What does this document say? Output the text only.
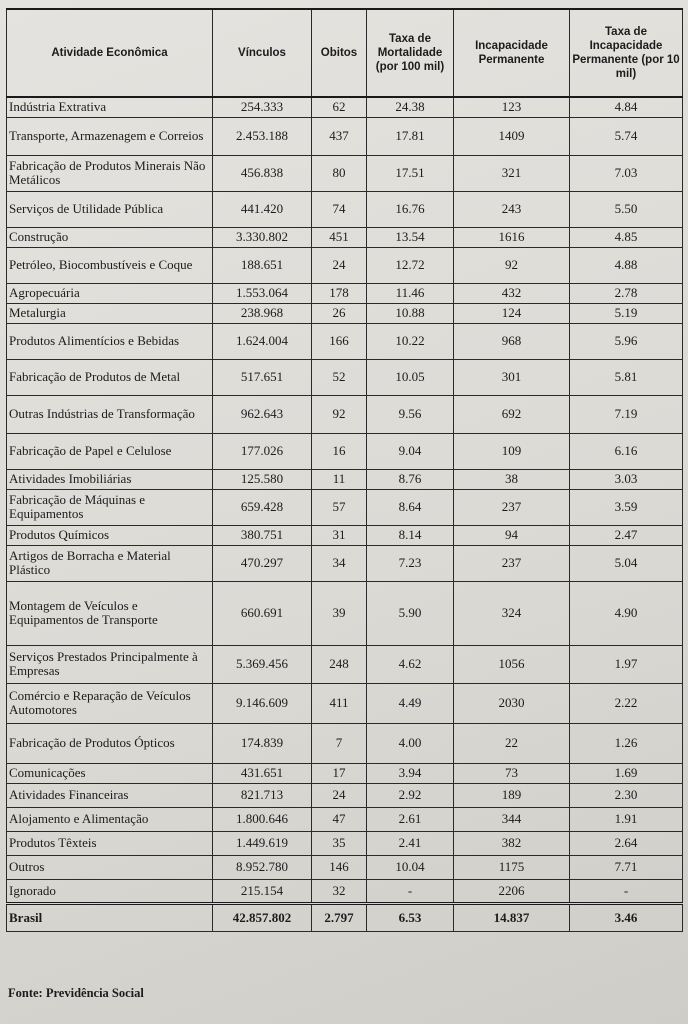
Atividade Econômica	Vínculos	Obitos	Taxa de Mortalidade (por 100 mil)	Incapacidade Permanente	Taxa de Incapacidade Permanente (por 10 mil)
Indústria Extrativa	254.333	62	24.38	123	4.84
Transporte, Armazenagem e Correios	2.453.188	437	17.81	1409	5.74
Fabricação de Produtos Minerais Não Metálicos	456.838	80	17.51	321	7.03
Serviços de Utilidade Pública	441.420	74	16.76	243	5.50
Construção	3.330.802	451	13.54	1616	4.85
Petróleo, Biocombustíveis e Coque	188.651	24	12.72	92	4.88
Agropecuária	1.553.064	178	11.46	432	2.78
Metalurgia	238.968	26	10.88	124	5.19
Produtos Alimentícios e Bebidas	1.624.004	166	10.22	968	5.96
Fabricação de Produtos de Metal	517.651	52	10.05	301	5.81
Outras Indústrias de Transformação	962.643	92	9.56	692	7.19
Fabricação de Papel e Celulose	177.026	16	9.04	109	6.16
Atividades Imobiliárias	125.580	11	8.76	38	3.03
Fabricação de Máquinas e Equipamentos	659.428	57	8.64	237	3.59
Produtos Químicos	380.751	31	8.14	94	2.47
Artigos de Borracha e Material Plástico	470.297	34	7.23	237	5.04
Montagem de Veículos e Equipamentos de Transporte	660.691	39	5.90	324	4.90
Serviços Prestados Principalmente à Empresas	5.369.456	248	4.62	1056	1.97
Comércio e Reparação de Veículos Automotores	9.146.609	411	4.49	2030	2.22
Fabricação de Produtos Ópticos	174.839	7	4.00	22	1.26
Comunicações	431.651	17	3.94	73	1.69
Atividades Financeiras	821.713	24	2.92	189	2.30
Alojamento e Alimentação	1.800.646	47	2.61	344	1.91
Produtos Têxteis	1.449.619	35	2.41	382	2.64
Outros	8.952.780	146	10.04	1175	7.71
Ignorado	215.154	32	-	2206	-
Brasil	42.857.802	2.797	6.53	14.837	3.46
Fonte: Previdência Social
